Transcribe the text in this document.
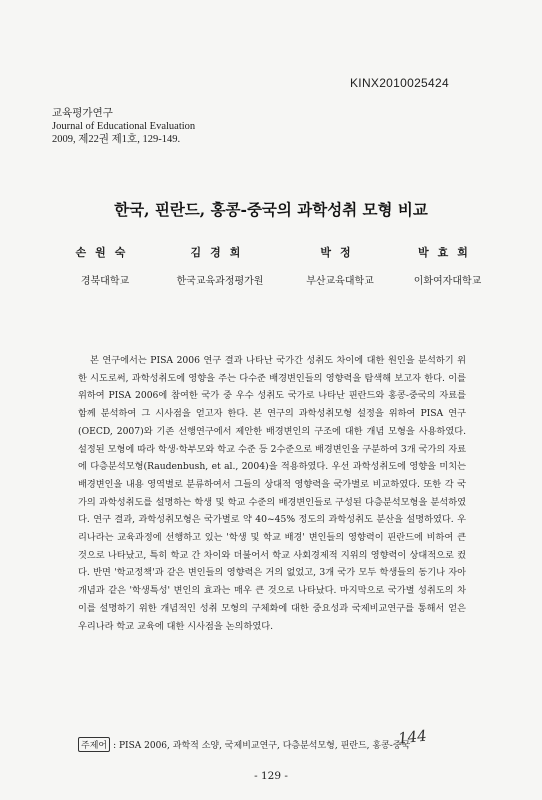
KINX2010025424
교육평가연구
Journal of Educational Evaluation
2009, 제22권 제1호, 129-149.
한국, 핀란드, 홍콩-중국의 과학성취 모형 비교
손원숙
경북대학교
김경희
한국교육과정평가원
박정
부산교육대학교
박효희
이화여자대학교

본 연구에서는 PISA 2006 연구 결과 나타난 국가간 성취도 차이에 대한 원인을 분석하기 위한 시도로써, 과학성취도에 영향을 주는 다수준 배경변인들의 영향력을 탐색해 보고자 한다. 이를 위하여 PISA 2006에 참여한 국가 중 우수 성취도 국가로 나타난 핀란드와 홍콩-중국의 자료를 함께 분석하여 그 시사점을 얻고자 한다. 본 연구의 과학성취모형 설정을 위하여 PISA 연구(OECD, 2007)와 기존 선행연구에서 제안한 배경변인의 구조에 대한 개념 모형을 사용하였다. 설정된 모형에 따라 학생·학부모와 학교 수준 등 2수준으로 배경변인을 구분하여 3개 국가의 자료에 다층분석모형(Raudenbush, et al., 2004)을 적용하였다. 우선 과학성취도에 영향을 미치는 배경변인을 내용 영역별로 분류하여서 그들의 상대적 영향력을 국가별로 비교하였다. 또한 각 국가의 과학성취도를 설명하는 학생 및 학교 수준의 배경변인들로 구성된 다층분석모형을 분석하였다. 연구 결과, 과학성취모형은 국가별로 약 40~45% 정도의 과학성취도 분산을 설명하였다. 우리나라는 교육과정에 선행하고 있는 '학생 및 학교 배경' 변인들의 영향력이 핀란드에 비하여 큰 것으로 나타났고, 특히 학교 간 차이와 더불어서 학교 사회경제적 지위의 영향력이 상대적으로 컸다. 반면 '학교정책'과 같은 변인들의 영향력은 거의 없었고, 3개 국가 모두 학생들의 동기나 자아개념과 같은 '학생특성' 변인의 효과는 매우 큰 것으로 나타났다. 마지막으로 국가별 성취도의 차이를 설명하기 위한 개념적인 성취 모형의 구체화에 대한 중요성과 국제비교연구를 통해서 얻은 우리나라 학교 교육에 대한 시사점을 논의하였다.

주제어 : PISA 2006, 과학적 소양, 국제비교연구, 다층분석모형, 핀란드, 홍콩-중국
144
- 129 -
